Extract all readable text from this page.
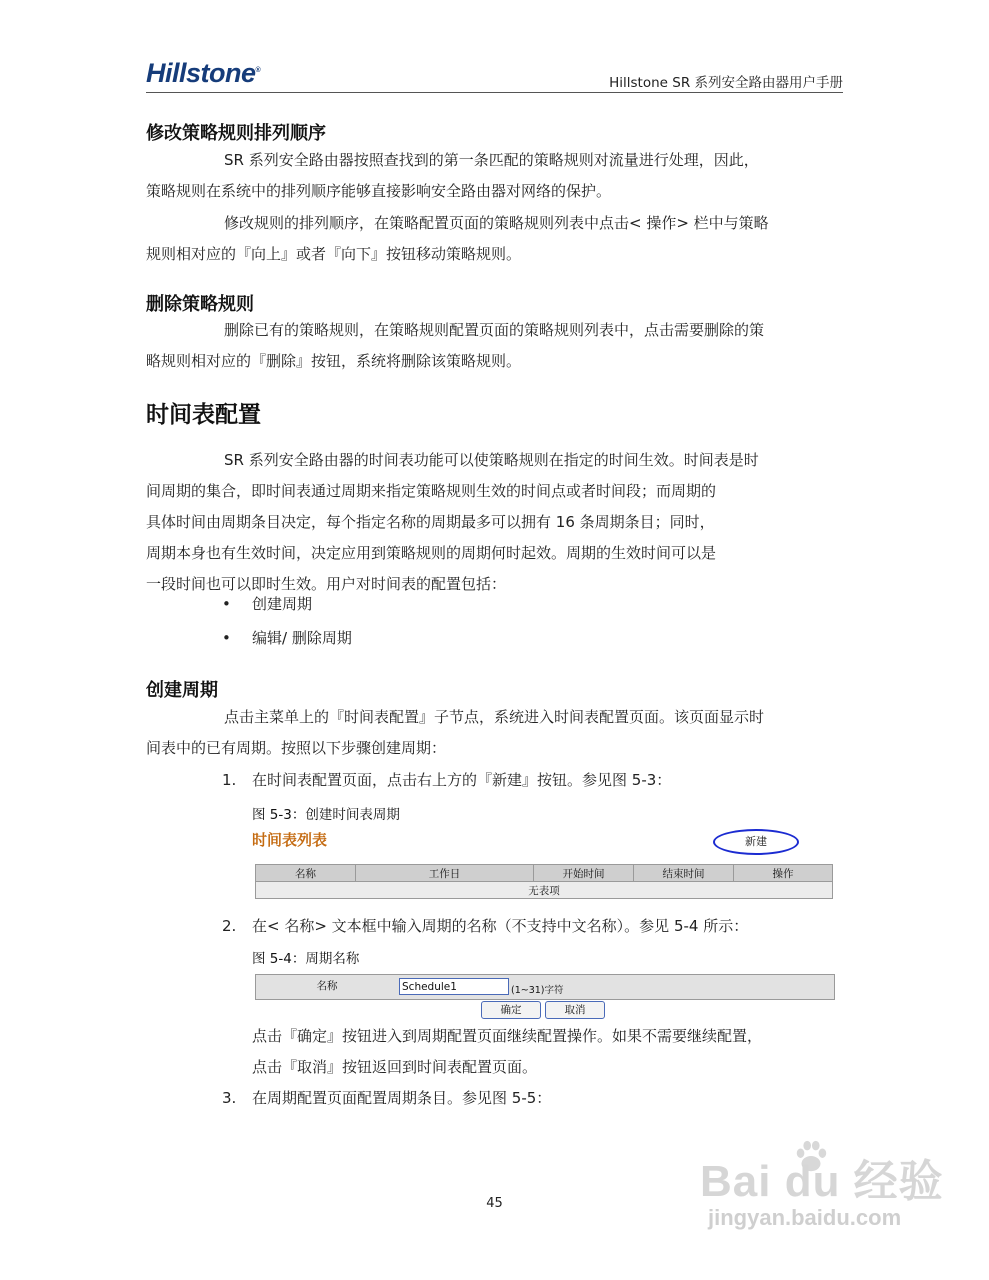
Hillstone®
Hillstone SR 系列安全路由器用户手册
修改策略规则排列顺序
SR 系列安全路由器按照查找到的第一条匹配的策略规则对流量进行处理，因此，
策略规则在系统中的排列顺序能够直接影响安全路由器对网络的保护。
修改规则的排列顺序，在策略配置页面的策略规则列表中点击< 操作> 栏中与策略
规则相对应的『向上』或者『向下』按钮移动策略规则。
删除策略规则
删除已有的策略规则，在策略规则配置页面的策略规则列表中，点击需要删除的策
略规则相对应的『删除』按钮，系统将删除该策略规则。
时间表配置
SR 系列安全路由器的时间表功能可以使策略规则在指定的时间生效。时间表是时
间周期的集合，即时间表通过周期来指定策略规则生效的时间点或者时间段；而周期的
具体时间由周期条目决定，每个指定名称的周期最多可以拥有 16 条周期条目；同时，
周期本身也有生效时间，决定应用到策略规则的周期何时起效。周期的生效时间可以是
一段时间也可以即时生效。用户对时间表的配置包括：
• 创建周期
• 编辑/ 删除周期
创建周期
点击主菜单上的『时间表配置』子节点，系统进入时间表配置页面。该页面显示时
间表中的已有周期。按照以下步骤创建周期：
1. 在时间表配置页面，点击右上方的『新建』按钮。参见图 5-3：
图 5-3：创建时间表周期
时间表列表	新建
名称	工作日	开始时间	结束时间	操作
无表项
2. 在< 名称> 文本框中输入周期的名称（不支持中文名称）。参见 5-4 所示：
图 5-4：周期名称
名称
Schedule1	(1~31)字符
确定	取消
点击『确定』按钮进入到周期配置页面继续配置操作。如果不需要继续配置，
点击『取消』按钮返回到时间表配置页面。
3. 在周期配置页面配置周期条目。参见图 5-5：
45	Bai du 经验
jingyan.baidu.com
